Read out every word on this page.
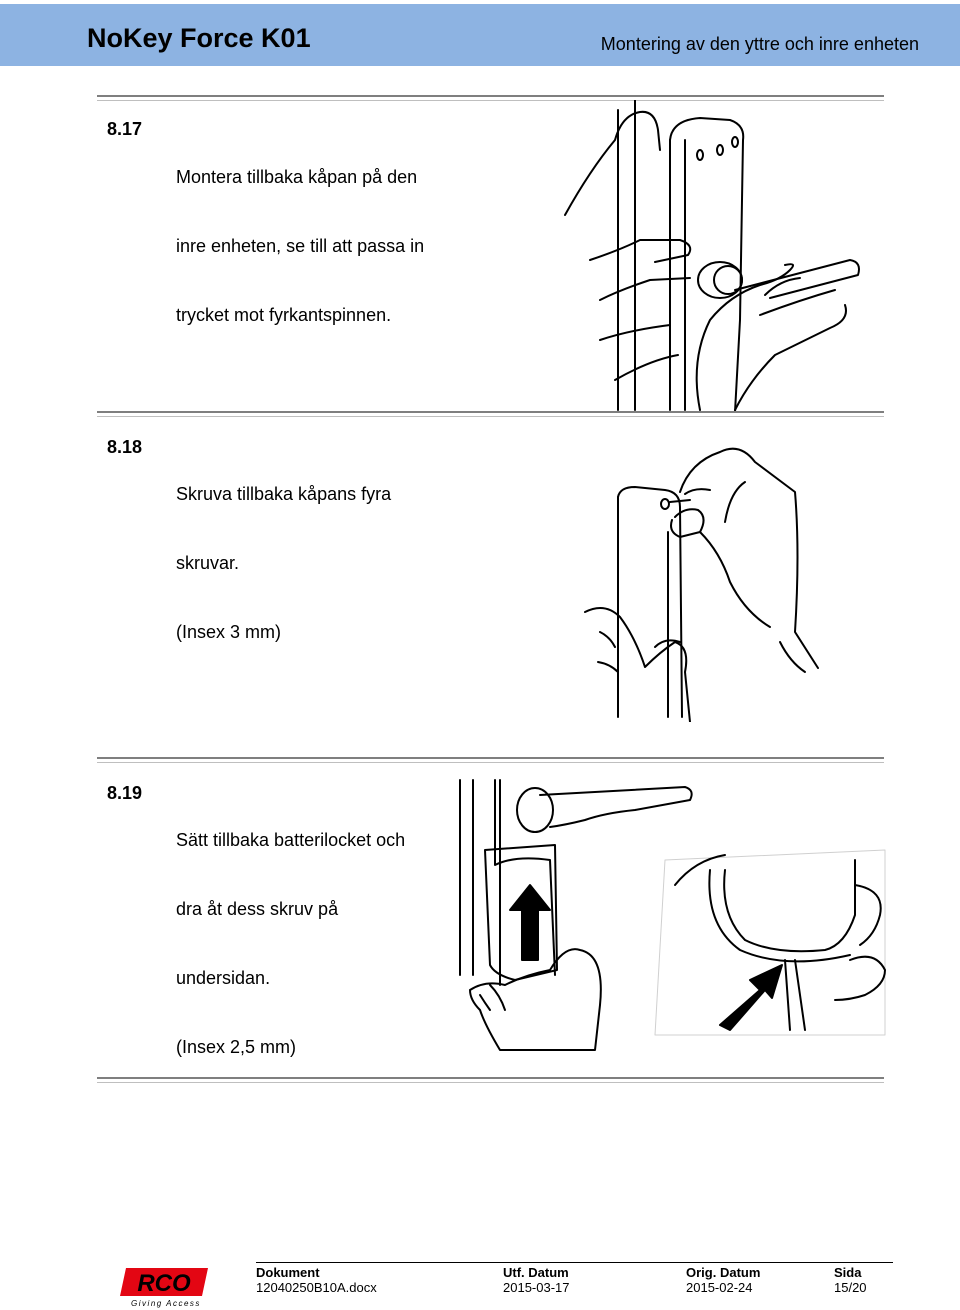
NoKey Force K01	Montering av den yttre och inre enheten
8.17

Montera tillbaka kåpan på den

inre enheten, se till att passa in

trycket mot fyrkantspinnen.

8.18

Skruva tillbaka kåpans fyra

skruvar.

(Insex 3 mm)

8.19

Sätt tillbaka batterilocket och

dra åt dess skruv på

undersidan.

(Insex 2,5 mm)

RCO
Giving Access
Dokument
12040250B10A.docx
Utf. Datum
2015-03-17
Orig. Datum
2015-02-24
Sida
15/20
